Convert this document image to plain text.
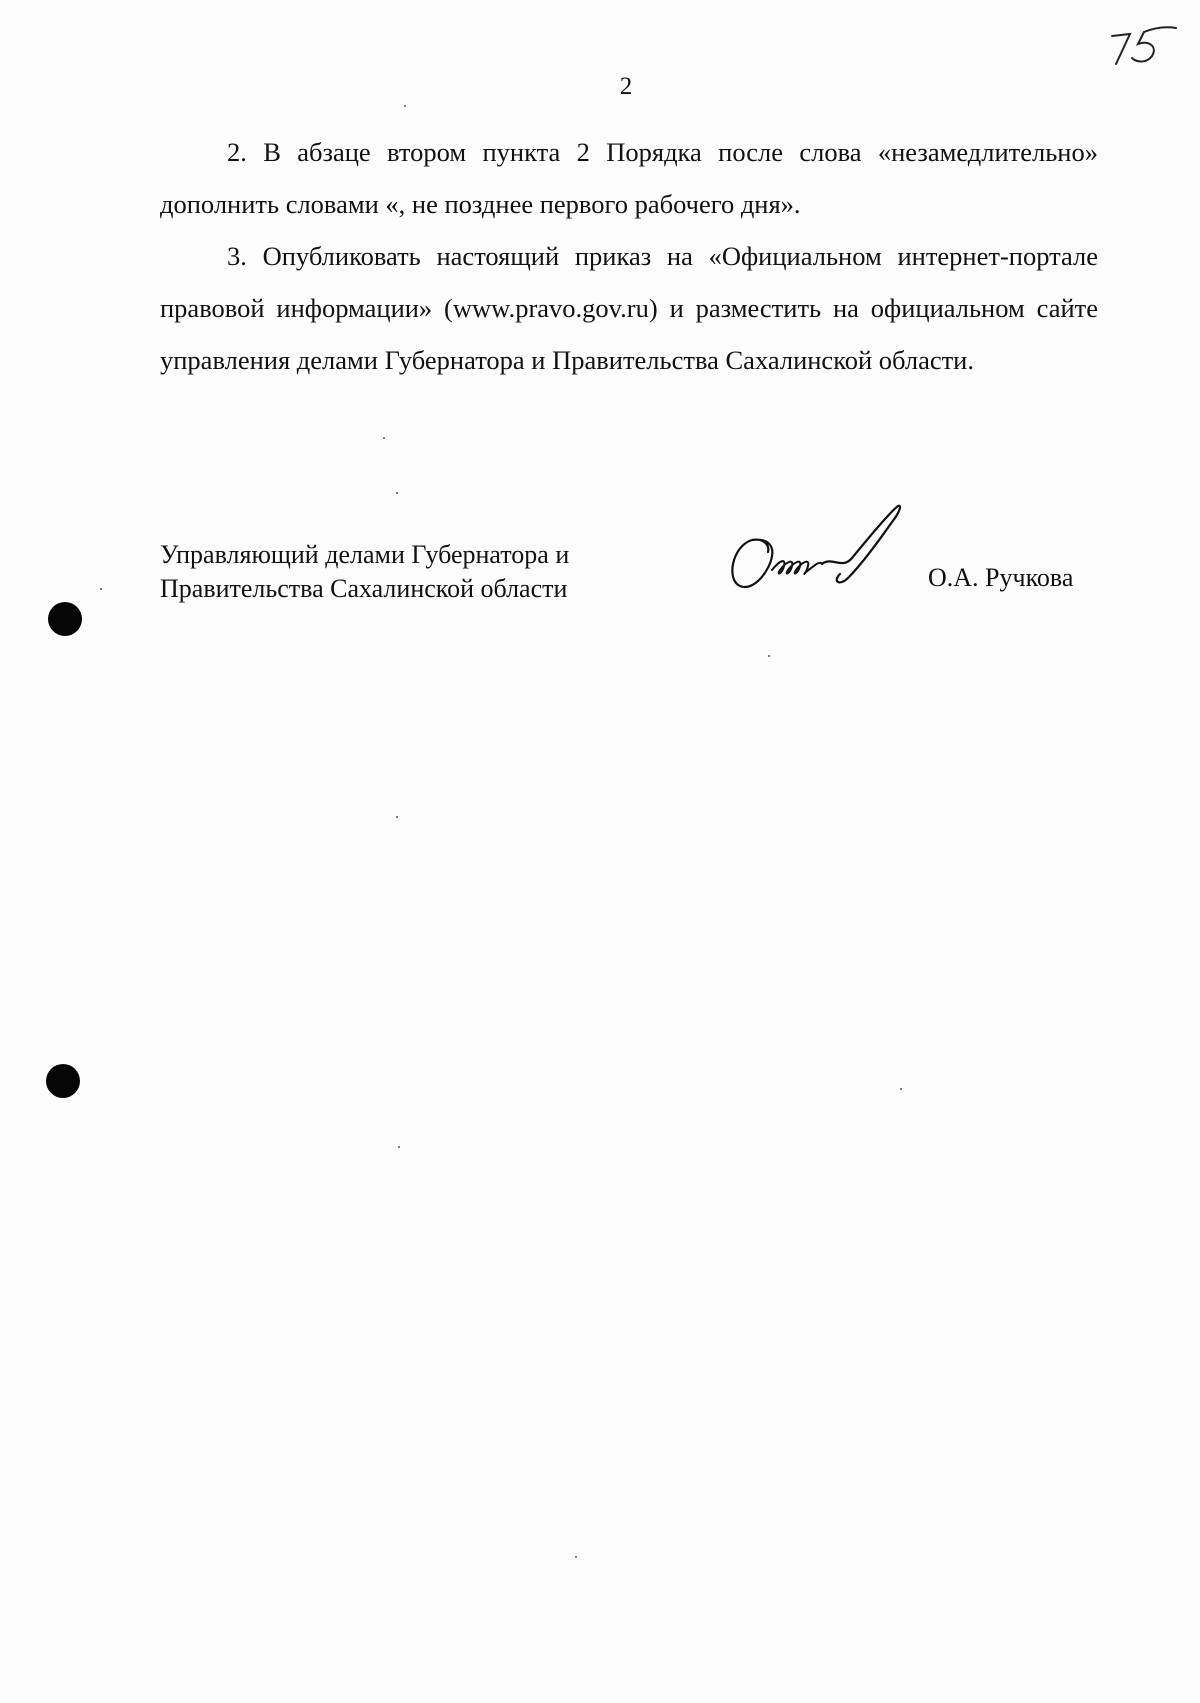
2

2. В абзаце втором пункта 2 Порядка после слова «незамедлительно» дополнить словами «, не позднее первого рабочего дня».

3. Опубликовать настоящий приказ на «Официальном интернет-портале правовой информации» (www.pravo.gov.ru) и разместить на официальном сайте управления делами Губернатора и Правительства Сахалинской области.

Управляющий делами Губернатора и
Правительства Сахалинской области	О.А. Ручкова
